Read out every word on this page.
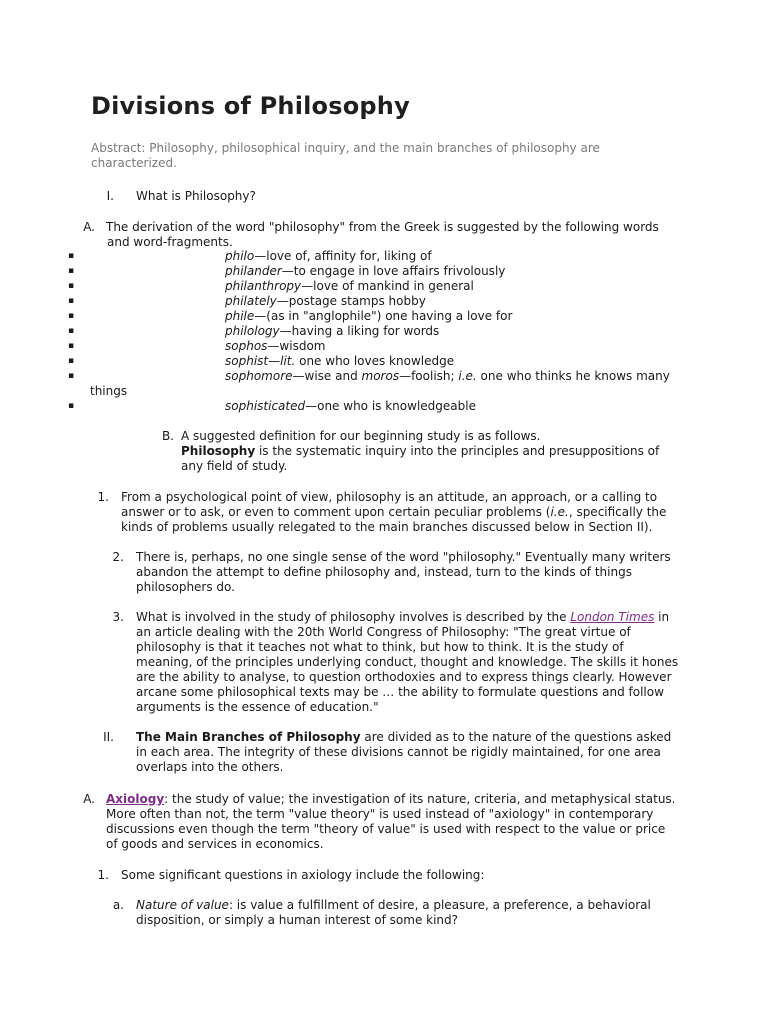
Divisions of Philosophy
Abstract: Philosophy, philosophical inquiry, and the main branches of philosophy are characterized.
I. What is Philosophy?
A. The derivation of the word "philosophy" from the Greek is suggested by the following words
and word-fragments.
▪	philo—love of, affinity for, liking of
▪	philander—to engage in love affairs frivolously
▪	philanthropy—love of mankind in general
▪	philately—postage stamps hobby
▪	phile—(as in "anglophile") one having a love for
▪	philology—having a liking for words
▪	sophos—wisdom
▪	sophist—lit. one who loves knowledge
▪	sophomore—wise and moros—foolish; i.e. one who thinks he knows many
things
▪	sophisticated—one who is knowledgeable
B. A suggested definition for our beginning study is as follows.
Philosophy is the systematic inquiry into the principles and presuppositions of
any field of study.
1. From a psychological point of view, philosophy is an attitude, an approach, or a calling to
answer or to ask, or even to comment upon certain peculiar problems (i.e., specifically the
kinds of problems usually relegated to the main branches discussed below in Section II).
2. There is, perhaps, no one single sense of the word "philosophy." Eventually many writers
abandon the attempt to define philosophy and, instead, turn to the kinds of things
philosophers do.
3. What is involved in the study of philosophy involves is described by the London Times in
an article dealing with the 20th World Congress of Philosophy: "The great virtue of
philosophy is that it teaches not what to think, but how to think. It is the study of
meaning, of the principles underlying conduct, thought and knowledge. The skills it hones
are the ability to analyse, to question orthodoxies and to express things clearly. However
arcane some philosophical texts may be … the ability to formulate questions and follow
arguments is the essence of education."
II. The Main Branches of Philosophy are divided as to the nature of the questions asked
in each area. The integrity of these divisions cannot be rigidly maintained, for one area
overlaps into the others.
A. Axiology: the study of value; the investigation of its nature, criteria, and metaphysical status.
More often than not, the term "value theory" is used instead of "axiology" in contemporary
discussions even though the term "theory of value" is used with respect to the value or price
of goods and services in economics.
1. Some significant questions in axiology include the following:
a. Nature of value: is value a fulfillment of desire, a pleasure, a preference, a behavioral
disposition, or simply a human interest of some kind?
